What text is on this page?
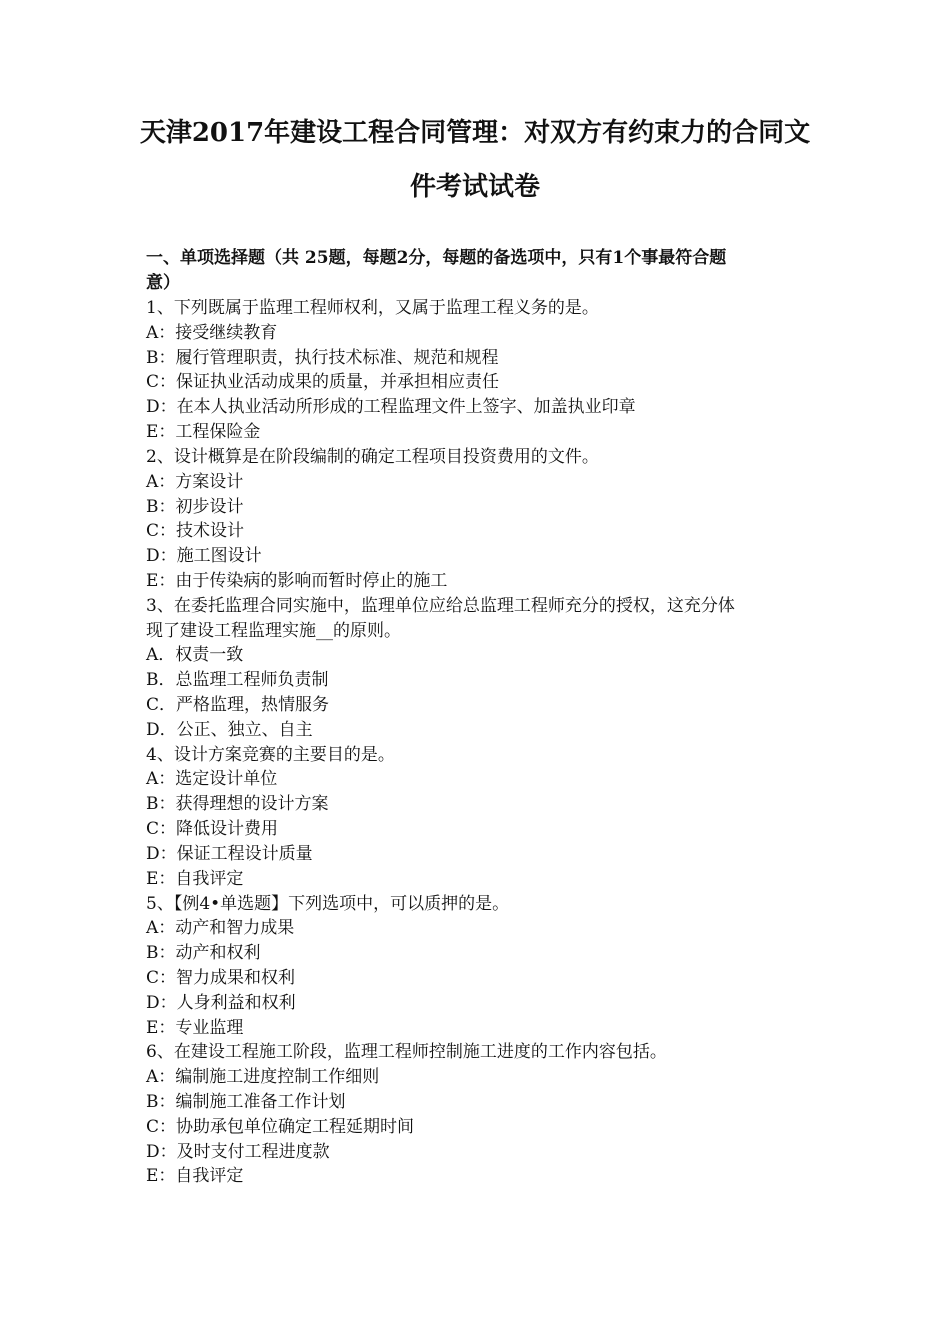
天津2017年建设工程合同管理：对双方有约束力的合同文
件考试试卷
一、单项选择题（共 25题，每题2分，每题的备选项中，只有1个事最符合题
意）
1、下列既属于监理工程师权利，又属于监理工程义务的是。
A：接受继续教育
B：履行管理职责，执行技术标准、规范和规程
C：保证执业活动成果的质量，并承担相应责任
D：在本人执业活动所形成的工程监理文件上签字、加盖执业印章
E：工程保险金
2、设计概算是在阶段编制的确定工程项目投资费用的文件。
A：方案设计
B：初步设计
C：技术设计
D：施工图设计
E：由于传染病的影响而暂时停止的施工
3、在委托监理合同实施中，监理单位应给总监理工程师充分的授权，这充分体
现了建设工程监理实施__的原则。
A．权责一致
B．总监理工程师负责制
C．严格监理，热情服务
D．公正、独立、自主
4、设计方案竞赛的主要目的是。
A：选定设计单位
B：获得理想的设计方案
C：降低设计费用
D：保证工程设计质量
E：自我评定
5、【例4•单选题】下列选项中，可以质押的是。
A：动产和智力成果
B：动产和权利
C：智力成果和权利
D：人身利益和权利
E：专业监理
6、在建设工程施工阶段，监理工程师控制施工进度的工作内容包括。
A：编制施工进度控制工作细则
B：编制施工准备工作计划
C：协助承包单位确定工程延期时间
D：及时支付工程进度款
E：自我评定
